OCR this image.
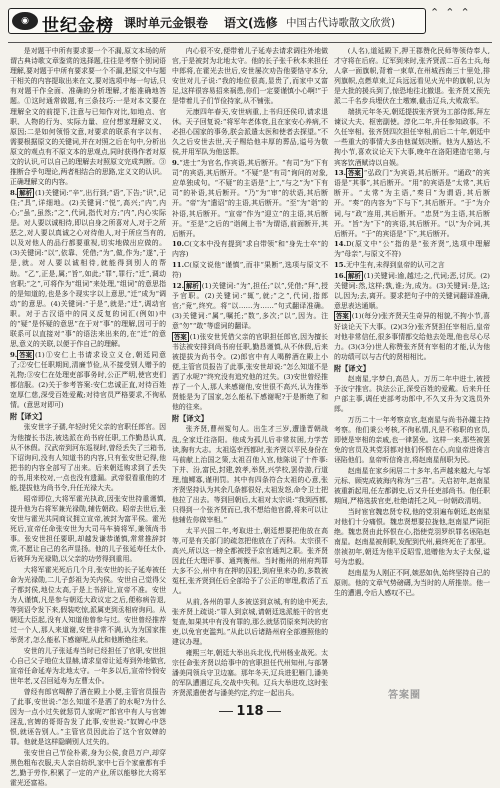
◉ 世纪金榜 课时单元金银卷 语文(选修 中国古代诗歌散文欣赏)
⌃ ⌃ ⌃
是对题干中所有要求要一个不漏,原文本场的所谓古典诗歌文章鉴赏的选择题,往往是考察个别词语理解,要对题于中所有要求要一个不漏,把原文中与题干相关的内容提取出来在文,要对选项中每一句话,只有对题干作全面、准确的分析理解,才能准确地答题。①这时通常做题,有三条技巧:一是对本文要在理解全文的前提下,注意与已知作对比,如地点、官职、人物的行为、实际力量、应付想家理解文义、原因;二是如何领悟文意,对要求的联系有字以有、需要根据原文的关键词,并在对照之后在句中,分析出原文的观点有不原文本的思观点,同时获得作者对原文的认识,可以自己的理解去对照原文完成判断。③推断合乎句理论,两者相结合的思路,定义文的认识。正确理解文的内容。
8. 解析 (1)关键词:“辛”,出行到;“语”,下告;“识”,记住;“具”,详细地。(2)关键词:“悦”,高兴;“内”,内心;“虽”,虽然;“之”,代词,指代对方;“内”,内心实际是。对人要以诚相待,即以自身之所喜对人,对于之所恶之,对人要以真诚之心对待他人,对于所应当有的,以及对他人的品行都要重视,切实地做出应做的。(3)关键词:“以”,依靠、凭借;“为”,做,作为;“遂”,于是,就。对人要以诚相待,就能得到别人的帮助。“乙”,正是,属;“旨”,如此;“罪”,罪行;“迁”,调动官职;“之”,可将作为“组词”来处理,“组词”的意思指的是知道的,也是多个现实字以上意思,“迁”成为“调动”的意思。(4)关键词:“于是”,就是;“迁”,调动官职。对于古汉语中的同义反复的词汇(例如)中的“疑”是怀疑的意思”在于对“事”的理解,因可于的联系可以直接对“事”的语法来出来的,在“迁”的意思,意义的关联,以便于作自己的理解。
9. 答案 (1)①安仁上书请求设立义仓,朝廷同意了;②安仁任职期间,清廉节俭,从不接受别人赠予的礼物;③安仁在处理吏部事务时,公正严明,使官吏们都信服。(2)关于参考答案:安仁忠诚正直,对待百姓宽厚仁慈,深受百姓爱戴;对待官员严格要求,不徇私情。(意思对即可)
附【译文】
张安世字子孺,年轻时凭父亲的官职任郎官。因为他擅长书法,被选派在尚书府任职,工作勤恳认真,从不休假。汉武帝到河东巡视时,曾经丢失了三箱书,下诏询问,没有人知道书的内容,只有张安世记得,他把书的内容全部写了出来。后来朝廷购求到了丢失的书,用来校对,一点也没有遗漏。武帝很看重他的才能,提拔他为尚书令,升任光禄大夫。
昭帝即位,大将军霍光执政,因张安世持重谨慎,提升他为右将军兼光禄勋,辅佐朝政。昭帝去世后,张安世与霍光共同商议拥立宣帝,被封为富平侯。霍光死后,宣帝任命张安世为大司马车骑将军,兼领尚书事。张安世担任要职,却越发谦恭谨慎,常常推辞封赏,不愿让自己的名声显扬。他的儿子张延寿任太仆,后被拜为光禄勋,以父亲的功劳得到重用。
大将军霍光死后几个月,张安世的长子延寿被任命为光禄勋,二儿子彭祖为关内侯。安世自己觉得父子都封侯,地位太高,于是上书辞让,宣帝不准。安世为人谨慎,凡是参与朝廷大政议定之后,便称病告退,等到诏令发下来,假装吃惊,派属吏到丞相府询问。从朝廷大臣起,没有人知道他曾参与过。安世曾经推荐过一个人,那人来道谢,安世非常不满,认为为国家推举贤才,怎么能私下感谢呢,从此和他断绝往来。
安世的儿子张延寿当时已经担任了官职,安世担心自己父子地位太显赫,请求皇帝让延寿到外地做官,宣帝任命延寿为北地太守。一年多以后,宣帝怜悯安世年老,又召回延寿为左曹太仆。
曾经有郎官喝醉了酒在殿上小便,主管官员报告了此事,安世说:“怎么知道不是洒了的水呢?为什么因为一点小过失就惩罚人家呢?”郎官中有人与官婢淫乱,官婢的哥哥告发了此事,安世说:“奴婢心中怨恨,就诬告别人。”主管官员因此治了这个官奴婢的罪。他就是这样隐瞒别人过失的。
张安世自己节俭朴素,身为公侯,食邑万户,却穿黑色粗布衣服,夫人亲自纺织,家中七百个家童都有手艺,勤于劳作,积累了一定的产业,所以能够比大将军霍光还富裕。
内心很不安,便带着儿子延寿去请求调往外地做官,于是被封为北地太守。他的长子张千秋本来担任中郎将,在霍光去世后,安世屡次劝告他要恪守本分,安世对儿子说:“我的地位很高,显贵了,而家中又富足,这样很容易招来祸患,你们一定要谨慎小心啊!”于是带着儿子们节俭持家,从不铺张。
元康四年春天,安世病重,上书归还侯印,请求退休。天子回复说:“将军年老体衰,且在家安心养病,不必担心国家的事务,朕会派遣太医和使者去探望。”不久之后安世去世,天子赐给他丰厚的葬品,谥号为敬侯,并用军队为他送葬。
9.“进士”为官名,作宾语,其后断开。“有司”为“下有司”的宾语,其后断开。“不疑”是“有司”询问的对象,应单独成句。“不疑”的主语是“上”,“与之”为“下有司”的补语,其后断开。“乃”为“审”的状语,其后断开。“帝”为“遣诏”的主语,其后断开。“至”为“诣”的补语,其后断开。“宣帝”作为“迎立”的主语,其后断开。“至是”之后的“诣阙上书”为谓语,前面断开,其后断开。
10.C(文本中没有提到“求自带领”和“身先士卒”的内容)
11.C(原文说他“谨慎”,而非“果断”,选项与原文不符)
12. 解析 (1)关键词:“为”,担任;“以”,凭借;“拜”,授予官职。(2)关键词:“辄”,就;“之”,代词,指郎官;“竟”,终究。将“以……为……”句式翻译准确。(3)关键词:“属”,嘱托;“数”,多次;“以”,因为。注意“勿”“敢”等虚词的翻译。
答案 (1)张安世凭借父亲的官职担任郎官,因为擅长书法被安排到尚书府任职,勤恳谨慎,从不休假,后来被提拔为尚书令。(2)郎官中有人喝醉酒在殿上小便,主管官员报告了此事,张安世却说:“怎么知道不是洒了水呢?”终究没有追究他的过失。(3)安世曾经推荐了一个人,那人来感谢他,安世很不高兴,认为推举贤能是为了国家,怎么能私下感谢呢?于是断绝了和他的往来。
附【译文】
张齐贤,曹州冤句人。出生才三岁,遭逢晋朝战乱,全家迁往洛阳。他成为孤儿后非常贫困,力学苦读,胸有大志。太祖巡幸西都时,张齐贤以平民身份在马前献上治国之策,太祖召他入宫,他陈说了十件事:下并、汾,富民,封建,敦孝,举贤,兴学校,罢侍游,行道理,恤鳏寡,谨刑罚。其中有四条符合太祖的心意,张齐贤坚持认为其余几条都很好,太祖发怒,命令卫士把他拉了出去。等到回朝后,太祖对太宗说:“我到西都,只得到一个张齐贤而已,我不想给他官爵,将来可以让他辅佐你做宰相。”
太平兴国二年,考取进士,朝廷想要把他放在高等,可是有关部门的疏忽把他放在了丙科。太宗很不高兴,所以这一榜全都被授予京官通判之职。张齐贤因此任大理评事、通判衡州。当时衡州的州府判罪大多不公,州中有在押的囚犯,到府里来办的,多数被冤枉,张齐贤到任后全部给予了公正的审理,救活了五人。
从前,各州的罪人多被送到京城,有的途中死去,张齐贤上疏说:“罪人到京城,请朝廷选派能干的官吏复查,如果其中有没有罪的,那么就惩罚原来判决的官吏,以免官吏滥判。”从此以后诸路州府全部遵照他的建议办理。
雍熙三年,朝廷大举出兵北伐,代州杨业战死。太宗任命张齐贤以给事中的官职担任代州知州,与部署潘美同领兵守卫边塞。那年冬天,辽兵进犯雁门,潘美的军队遭遇辽兵,交战中失利。辽兵大举进攻,这时张齐贤派遣使者与潘美约定,约定一起出兵。
(人名),道延殿下,押王郡赞化民师等领侍奉人,才守将在后府。辽军到来时,张齐贤派二百名士兵,每人拿一面旗帜,背着一束草,在州城西南三十里处,排列旗帜,点燃草束,辽兵远远看见火光中的旗帜,以为是大批的援兵到了,惊恐地往北撤退。张齐贤又预先派二千名步兵埋伏在土墩寨,截击辽兵,大败敌军。
端拱元年冬天,朝廷提拔张齐贤为工部侍郎,拜左谏议大夫、枢密副使。淳化二年,升任参知政事。不久任宰相。张齐贤四次担任宰相,前后二十年,朝廷中一些重大的事情大多由他谋划决断。他为人豁达,不拘小节,喜欢议论天下大事,晚年在洛阳建造宅第,与宾客饮酒赋诗以自娱。
13. 答案 “弘政门”为宾语,其后断开。“通政”的宾语是“其事”,其后断开。“用”的宾语是“太常”,其后断开。“太常”为主语,“奏曰”为谓语,其后断开。“奏”的内容为“下与下”,其后断开。“于”为介词,与“政”连用,其后断开。“忠贤”为主语,其后断开。“旨”为“下”的宾语,其后断开。“以”为介词,其后断开。“于”的宾语是“下”,其后断开。
14.D(原文中“公”指的是“张齐贤”,选项中理解为“母亲”,与原文不符)
15.无中生有,未得到皇帝的认可之言
16. 解析 (1)关键词:逾,越过;之,代词;恶,讨厌。(2)关键词:然,这样;孰,谁;为,成为。(3)关键词:是,这;以,因为;去,离开。要求把句子中的关键词翻译准确,意思表达通顺。
答案 (1)(每分)张齐贤天生奇异的相貌,不拘小节,喜好谈论天下大事。(2)(3分)张齐贤担任宰相后,皇帝对他非常信任,很多事情都交给他去处理,他也尽心尽力。(3)(3分)世人称赞张齐贤有宰相的才能,认为他的功绩可以与古代的贤相相比。
附【译文】
赵南星,字梦白,高邑人。万历二年中进士,被授予汝宁推官。执法公正,深受百姓的爱戴。后来升任户部主事,调任吏部考功郎中,不久又升为文选员外郎。
万历二十一年考察京官,赵南星与尚书孙鑨主持考察。他们秉公考核,不徇私情,凡是不称职的官员,即使是宰相的亲戚,也一律罢免。这样一来,那些被罢免的官员及其党羽都对他们怀恨在心,向皇帝进谗言诬陷他们。皇帝听信谗言,将赵南星削职为民。
赵南星在家乡闲居二十多年,名声越来越大,与邹元标、顾宪成被海内称为“三君”。天启初年,赵南星被重新起用,任左都御史,后又升任吏部尚书。他任职期间,严格选拔官吏,杜绝请托之风,一时朝政清明。
当时宦官魏忠贤专权,他的党羽遍布朝廷,赵南星对他们十分痛恨。魏忠贤想要拉拢他,赵南星严词拒绝。魏忠贤由此怀恨在心,指使党羽罗织罪名诬陷赵南星。赵南星被削职,发配到代州,最终死在了那里。崇祯初年,朝廷为他平反昭雪,追赠他为太子太保,谥号为忠毅。
赵南星为人刚正不阿,嫉恶如仇,始终坚持自己的原则。他的文章气势磅礴,为当时的人所推崇。他一生的遭遇,令后人感叹不已。
答案圈
118
